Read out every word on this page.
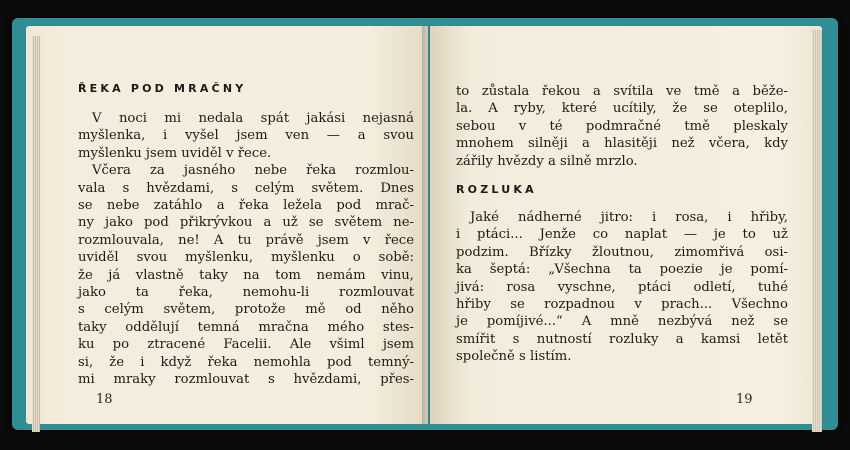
ŘEKA POD MRAČNY
V noci mi nedala spát jakási nejasná
myšlenka, i vyšel jsem ven — a svou
myšlenku jsem uviděl v řece.
Včera za jasného nebe řeka rozmlou-
vala s hvězdami, s celým světem. Dnes
se nebe zatáhlo a řeka ležela pod mrač-
ny jako pod přikrývkou a už se světem ne-
rozmlouvala, ne! A tu právě jsem v řece
uviděl svou myšlenku, myšlenku o sobě:
že já vlastně taky na tom nemám vinu,
jako ta řeka, nemohu-li rozmlouvat
s celým světem, protože mě od něho
taky oddělují temná mračna mého stes-
ku po ztracené Facelii. Ale všiml jsem
si, že i když řeka nemohla pod temný-
mi mraky rozmlouvat s hvězdami, přes-
18
to zůstala řekou a svítila ve tmě a běže-
la. A ryby, které ucítily, že se oteplilo,
sebou v té podmračné tmě pleskaly
mnohem silněji a hlasitěji než včera, kdy
zářily hvězdy a silně mrzlo.
ROZLUKA
Jaké nádherné jitro: i rosa, i hřiby,
i ptáci... Jenže co naplat — je to už
podzim. Břízky žloutnou, zimomřivá osi-
ka šeptá: „Všechna ta poezie je pomí-
jivá: rosa vyschne, ptáci odletí, tuhé
hřiby se rozpadnou v prach... Všechno
je pomíjivé...“ A mně nezbývá než se
smířit s nutností rozluky a kamsi letět
společně s listím.
19
